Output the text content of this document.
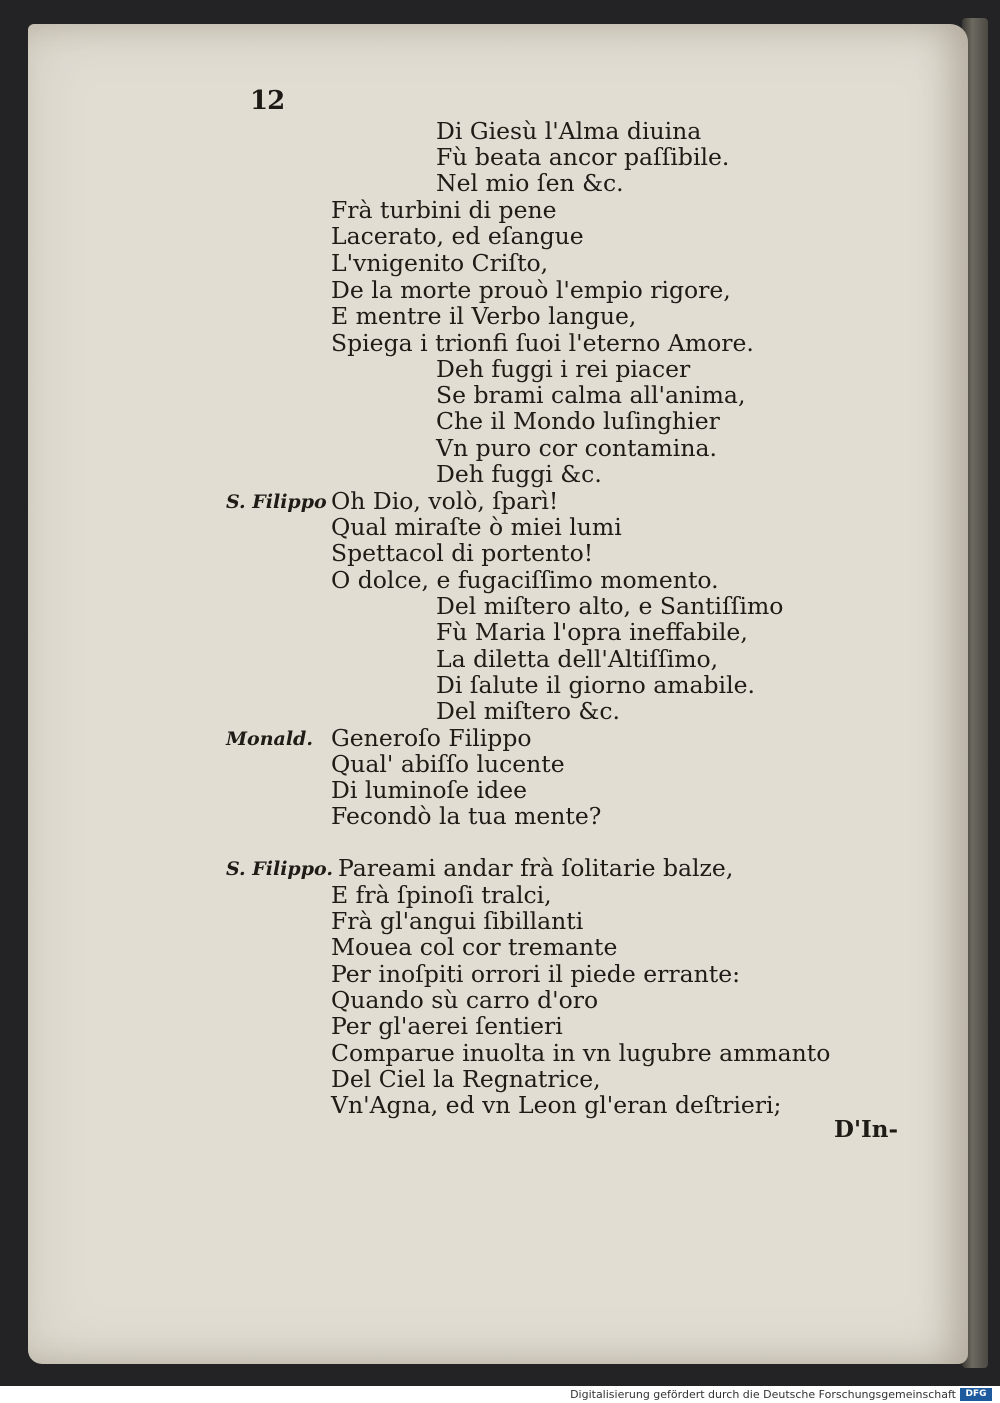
12
Di Giesù l'Alma diuina
Fù beata ancor paſſibile.
Nel mio ſen &c.
Frà turbini di pene
Lacerato, ed eſangue
L'vnigenito Criſto,
De la morte prouò l'empio rigore,
E mentre il Verbo langue,
Spiega i trionfi ſuoi l'eterno Amore.
Deh fuggi i rei piacer
Se brami calma all'anima,
Che il Mondo luſinghier
Vn puro cor contamina.
Deh fuggi &c.
Oh Dio, volò, ſparì!
S. Filippo
Qual miraſte ò miei lumi
Spettacol di portento!
O dolce, e fugaciſſimo momento.
Del miſtero alto, e Santiſſimo
Fù Maria l'opra ineffabile,
La diletta dell'Altiſſimo,
Di ſalute il giorno amabile.
Del miſtero &c.
Generoſo Filippo
Monald.
Qual' abiſſo lucente
Di luminoſe idee
Fecondò la tua mente?
Pareami andar frà ſolitarie balze,
S. Filippo.
E frà ſpinoſi tralci,
Frà gl'angui ſibillanti
Mouea col cor tremante
Per inoſpiti orrori il piede errante:
Quando sù carro d'oro
Per gl'aerei ſentieri
Comparue inuolta in vn lugubre ammanto
Del Ciel la Regnatrice,
Vn'Agna, ed vn Leon gl'eran deſtrieri;
D'In-
Digitalisierung gefördert durch die Deutsche Forschungsgemeinschaft	DFG
